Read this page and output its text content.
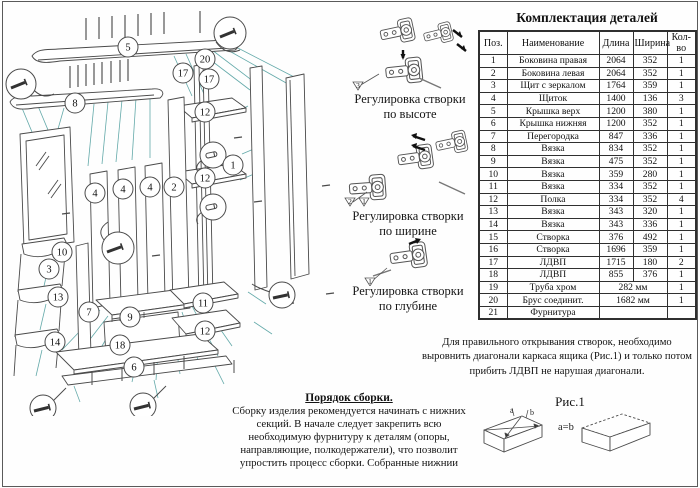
5
20
17
17
8
12
12
1
2
4 4 4
10
3
13
7	9
11
14	18
12
6
3
Регулировка створки
по высоте
2 1
Регулировка створки
по ширине
1
Регулировка створки
по глубине
Комплектация деталей
Поз.	Наименование	Длина	Ширина	Кол-во
1	Боковина правая	2064	352	1
2	Боковина левая	2064	352	1
3	Щит с зеркалом	1764	359	1
4	Щиток	1400	136	3
5	Крышка верх	1200	380	1
6	Крышка нижняя	1200	352	1
7	Перегородка	847	336	1
8	Вязка	834	352	1
9	Вязка	475	352	1
10	Вязка	359	280	1
11	Вязка	334	352	1
12	Полка	334	352	4
13	Вязка	343	320	1
14	Вязка	343	336	1
15	Створка	376	492	1
16	Створка	1696	359	1
17	ЛДВП	1715	180	2
18	ЛДВП	855	376	1
19	Труба хром	282 мм		1
20	Брус соединит.	1682 мм		1
21	Фурнитура			
Для правильного открывания створок, необходимо выровнить диагонали каркаса ящика (Рис.1) и только потом прибить ЛДВП не нарушая диагонали.
Рис.1
a b
a=b
Порядок сборки.
Сборку изделия рекомендуется начинать с нижних секций. В начале следует закрепить всю необходимую фурнитуру к деталям (опоры, направляющие, полкодержатели), что позволит упростить процесс сборки. Собранные нижнии
